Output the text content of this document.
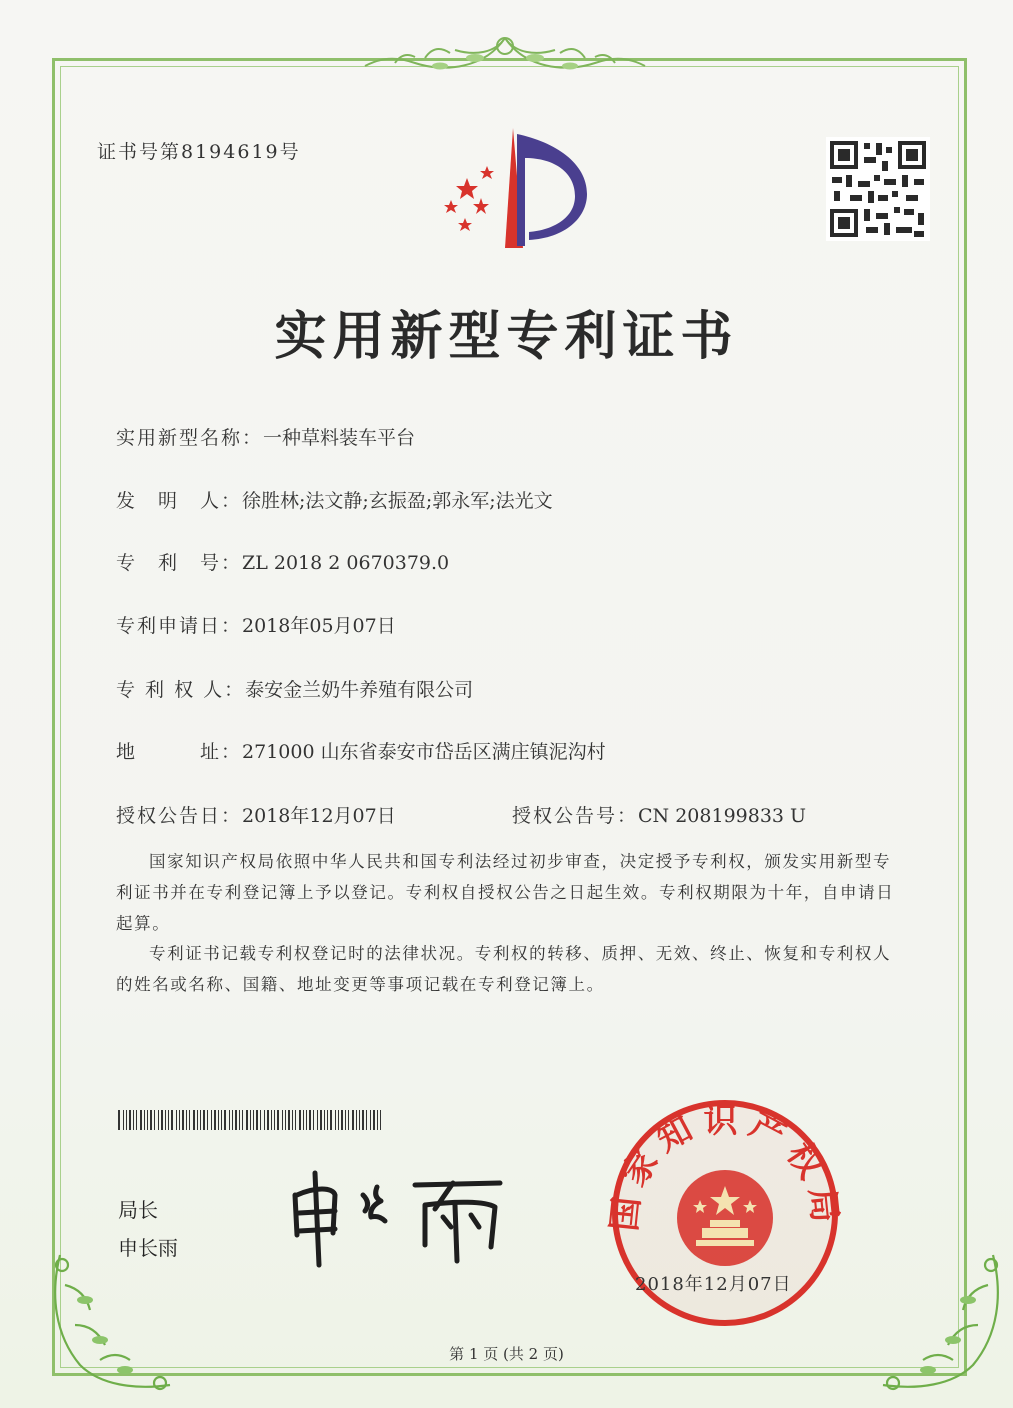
证书号第8194619号
实用新型专利证书
实用新型名称：一种草料装车平台
发　明　人：徐胜林;法文静;玄振盈;郭永军;法光文
专　利　号：ZL 2018 2 0670379.0
专利申请日：2018年05月07日
专 利 权 人：泰安金兰奶牛养殖有限公司
地　　　址：271000 山东省泰安市岱岳区满庄镇泥沟村
授权公告日：2018年12月07日	授权公告号：CN 208199833 U
国家知识产权局依照中华人民共和国专利法经过初步审查，决定授予专利权，颁发实用新型专利证书并在专利登记簿上予以登记。专利权自授权公告之日起生效。专利权期限为十年，自申请日起算。
专利证书记载专利权登记时的法律状况。专利权的转移、质押、无效、终止、恢复和专利权人的姓名或名称、国籍、地址变更等事项记载在专利登记簿上。
局长
申长雨
国家知识产权局
2018年12月07日
第 1 页 (共 2 页)
